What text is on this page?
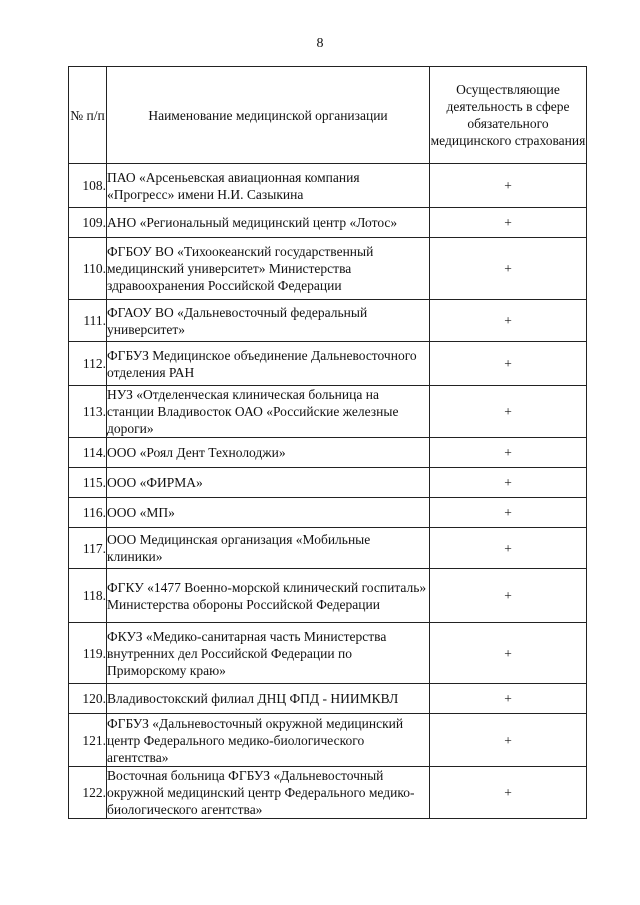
8
№ п/п	Наименование медицинской организации	Осуществляющие деятельность в сфере обязательного медицинского страхования
108.	ПАО «Арсеньевская авиационная компания «Прогресс» имени Н.И. Сазыкина	+
109.	АНО «Региональный медицинский центр «Лотос»	+
110.	ФГБОУ ВО «Тихоокеанский государственный медицинский университет» Министерства здравоохранения Российской Федерации	+
111.	ФГАОУ ВО «Дальневосточный федеральный университет»	+
112.	ФГБУЗ Медицинское объединение Дальневосточного отделения РАН	+
113.	НУЗ «Отделенческая клиническая больница на станции Владивосток ОАО «Российские железные дороги»	+
114.	ООО «Роял Дент Технолоджи»	+
115.	ООО «ФИРМА»	+
116.	ООО «МП»	+
117.	ООО Медицинская организация «Мобильные клиники»	+
118.	ФГКУ «1477 Военно-морской клинический госпиталь» Министерства обороны Российской Федерации	+
119.	ФКУЗ «Медико-санитарная часть Министерства внутренних дел Российской Федерации по Приморскому краю»	+
120.	Владивостокский филиал ДНЦ ФПД - НИИМКВЛ	+
121.	ФГБУЗ «Дальневосточный окружной медицинский центр Федерального медико-биологического агентства»	+
122.	Восточная больница ФГБУЗ «Дальневосточный окружной медицинский центр Федерального медико-биологического агентства»	+
